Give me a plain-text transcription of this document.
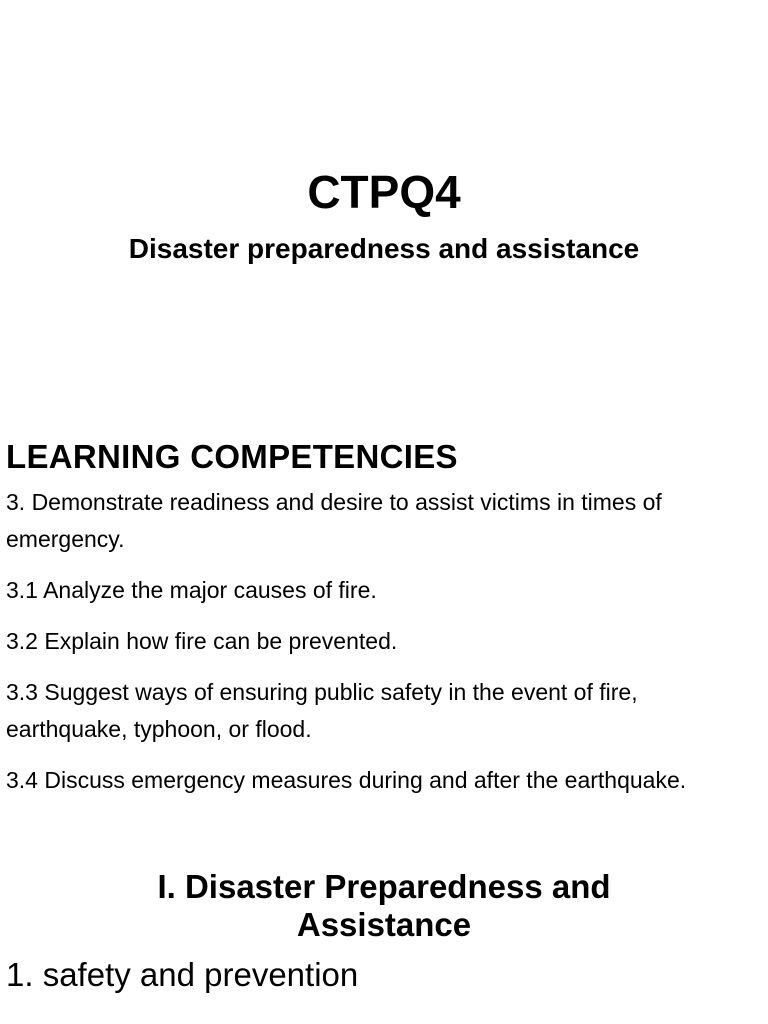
CTPQ4
Disaster preparedness and assistance
LEARNING COMPETENCIES
3. Demonstrate readiness and desire to assist victims in times of emergency.
3.1 Analyze the major causes of fire.
3.2 Explain how fire can be prevented.
3.3 Suggest ways of ensuring public safety in the event of fire, earthquake, typhoon, or flood.
3.4 Discuss emergency measures during and after the earthquake.
I. Disaster Preparedness and
Assistance
1. safety and prevention
